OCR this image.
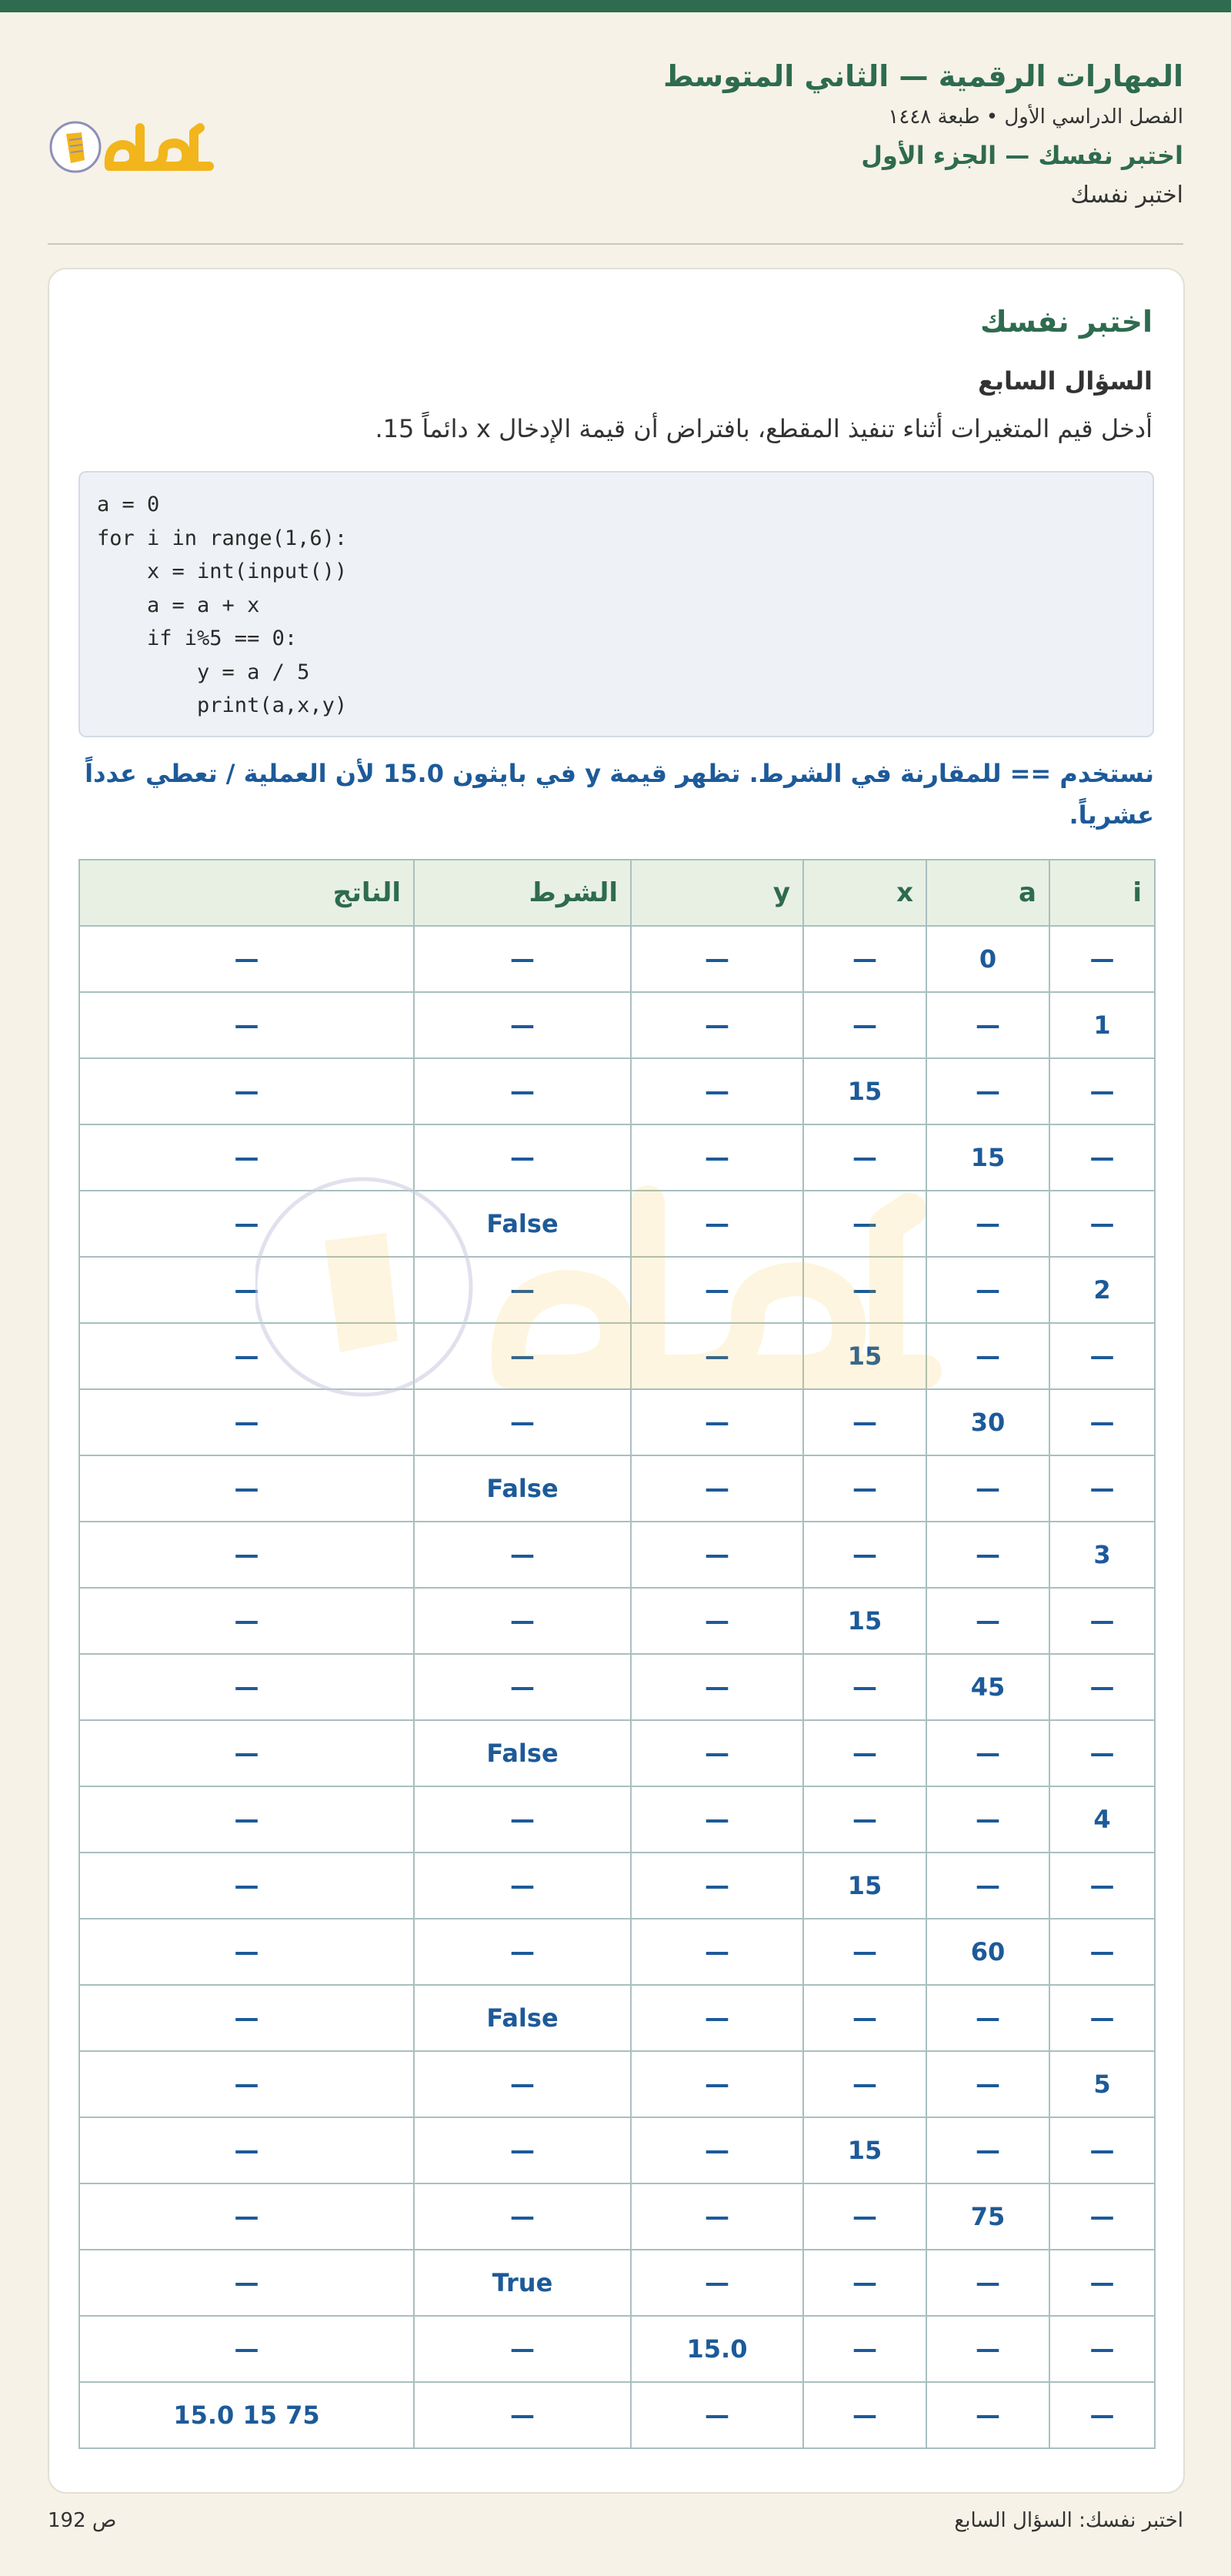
المهارات الرقمية — الثاني المتوسط
الفصل الدراسي الأول • طبعة ١٤٤٨
اختبر نفسك — الجزء الأول
اختبر نفسك
اختبر نفسك
السؤال السابع
أدخل قيم المتغيرات أثناء تنفيذ المقطع، بافتراض أن قيمة الإدخال x دائماً 15.
a = 0
for i in range(1,6):
x = int(input())
a = a + x
if i%5 == 0:
y = a / 5
print(a,x,y)
نستخدم == للمقارنة في الشرط. تظهر قيمة y في بايثون 15.0 لأن العملية / تعطي عدداً عشرياً.
i	a	x	y	الشرط	الناتج
—	0	—	—	—	—
1	—	—	—	—	—
—	—	15	—	—	—
—	15	—	—	—	—
—	—	—	—	False	—
2	—	—	—	—	—
—	—	15	—	—	—
—	30	—	—	—	—
—	—	—	—	False	—
3	—	—	—	—	—
—	—	15	—	—	—
—	45	—	—	—	—
—	—	—	—	False	—
4	—	—	—	—	—
—	—	15	—	—	—
—	60	—	—	—	—
—	—	—	—	False	—
5	—	—	—	—	—
—	—	15	—	—	—
—	75	—	—	—	—
—	—	—	—	True	—
—	—	—	15.0	—	—
—	—	—	—	—	75 15 15.0
اختبر نفسك: السؤال السابع
ص 192
